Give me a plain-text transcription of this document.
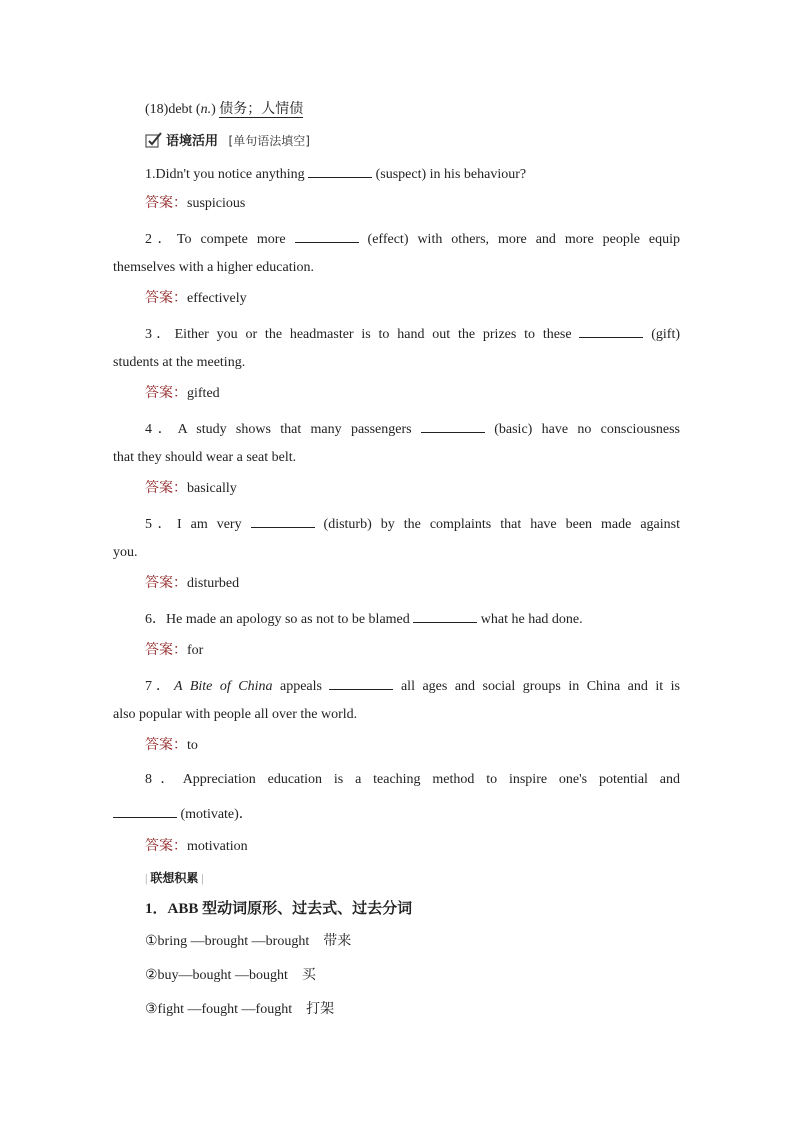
(18)debt (n.) 债务；人情债
语境活用 [单句语法填空]
1.Didn't you notice anything	(suspect) in his behaviour?
答案：suspicious
2．To compete more	(effect) with others, more and more people equip
themselves with a higher education.
答案：effectively
3．Either you or the headmaster is to hand out the prizes to these	(gift)
students at the meeting.
答案：gifted
4．A study shows that many passengers	(basic) have no consciousness
that they should wear a seat belt.
答案：basically
5．I am very	(disturb) by the complaints that have been made against
you.
答案：disturbed
6．He made an apology so as not to be blamed	what he had done.
答案：for
7．A Bite of China appeals	all ages and social groups in China and it is
also popular with people all over the world.
答案：to
8．Appreciation education is a teaching method to inspire one's potential and
(motivate)．
答案：motivation
| 联想积累 |
1．ABB 型动词原形、过去式、过去分词
①bring —brought —brought　带来
②buy—bought —bought　买
③fight —fought —fought　打架
